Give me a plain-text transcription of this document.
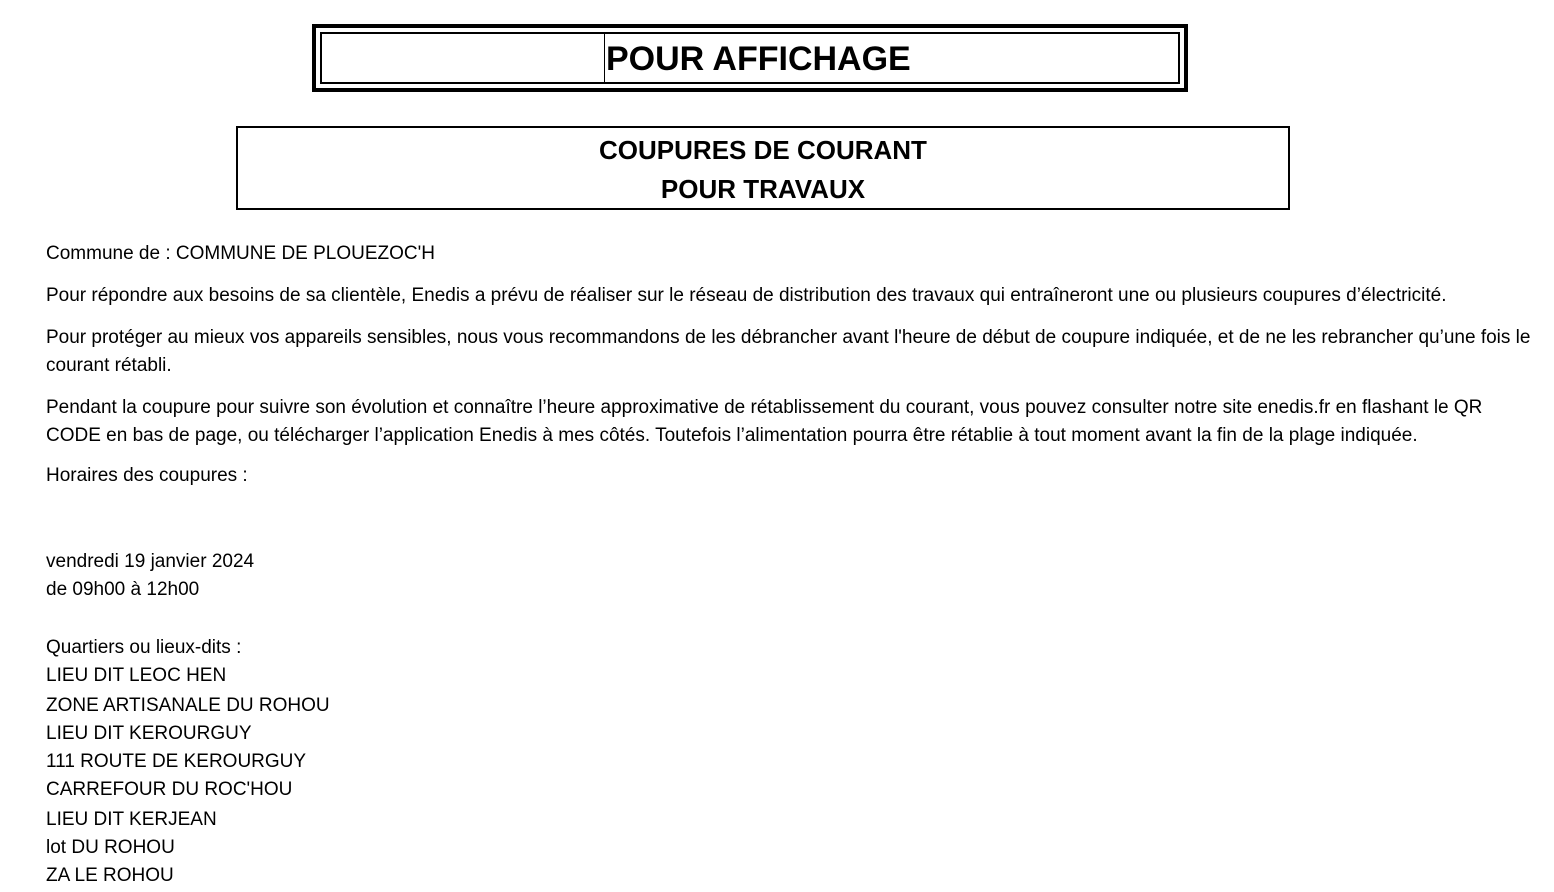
POUR AFFICHAGE
COUPURES DE COURANT
POUR TRAVAUX
Commune de : COMMUNE DE PLOUEZOC'H
Pour répondre aux besoins de sa clientèle, Enedis a prévu de réaliser sur le réseau de distribution des travaux qui entraîneront une ou plusieurs coupures d’électricité.
Pour protéger au mieux vos appareils sensibles, nous vous recommandons de les débrancher avant l'heure de début de coupure indiquée, et de ne les rebrancher qu’une fois le courant rétabli.
Pendant la coupure pour suivre son évolution et connaître l’heure approximative de rétablissement du courant, vous pouvez consulter notre site enedis.fr en flashant le QR CODE en bas de page, ou télécharger l’application Enedis à mes côtés. Toutefois l’alimentation pourra être rétablie à tout moment avant la fin de la plage indiquée.
Horaires des coupures :
vendredi 19 janvier 2024
de 09h00 à 12h00
Quartiers ou lieux-dits :
LIEU DIT LEOC HEN
ZONE ARTISANALE DU ROHOU
LIEU DIT KEROURGUY
111 ROUTE DE KEROURGUY
CARREFOUR DU ROC'HOU
LIEU DIT KERJEAN
lot DU ROHOU
ZA LE ROHOU
